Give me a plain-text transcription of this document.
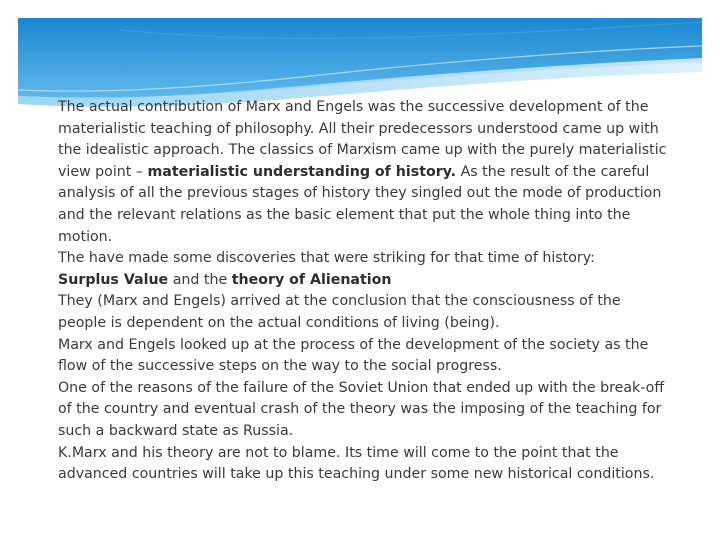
The actual contribution of Marx and Engels was the successive development of the materialistic teaching of philosophy. All their predecessors understood came up with the idealistic approach. The classics of Marxism came up with the purely materialistic view point – materialistic understanding of history. As the result of the careful analysis of all the previous stages of history they singled out the mode of production and the relevant relations as the basic element that put the whole thing into the motion.

The have made some discoveries that were striking for that time of history:

Surplus Value and the theory of Alienation

They (Marx and Engels) arrived at the conclusion that the consciousness of the people is dependent on the actual conditions of living (being).

Marx and Engels looked up at the process of the development of the society as the flow of the successive steps on the way to the social progress.

One of the reasons of the failure of the Soviet Union that ended up with the break-off of the country and eventual crash of the theory was the imposing of the teaching for such a backward state as Russia.

K.Marx and his theory are not to blame. Its time will come to the point that the advanced countries will take up this teaching under some new historical conditions.
